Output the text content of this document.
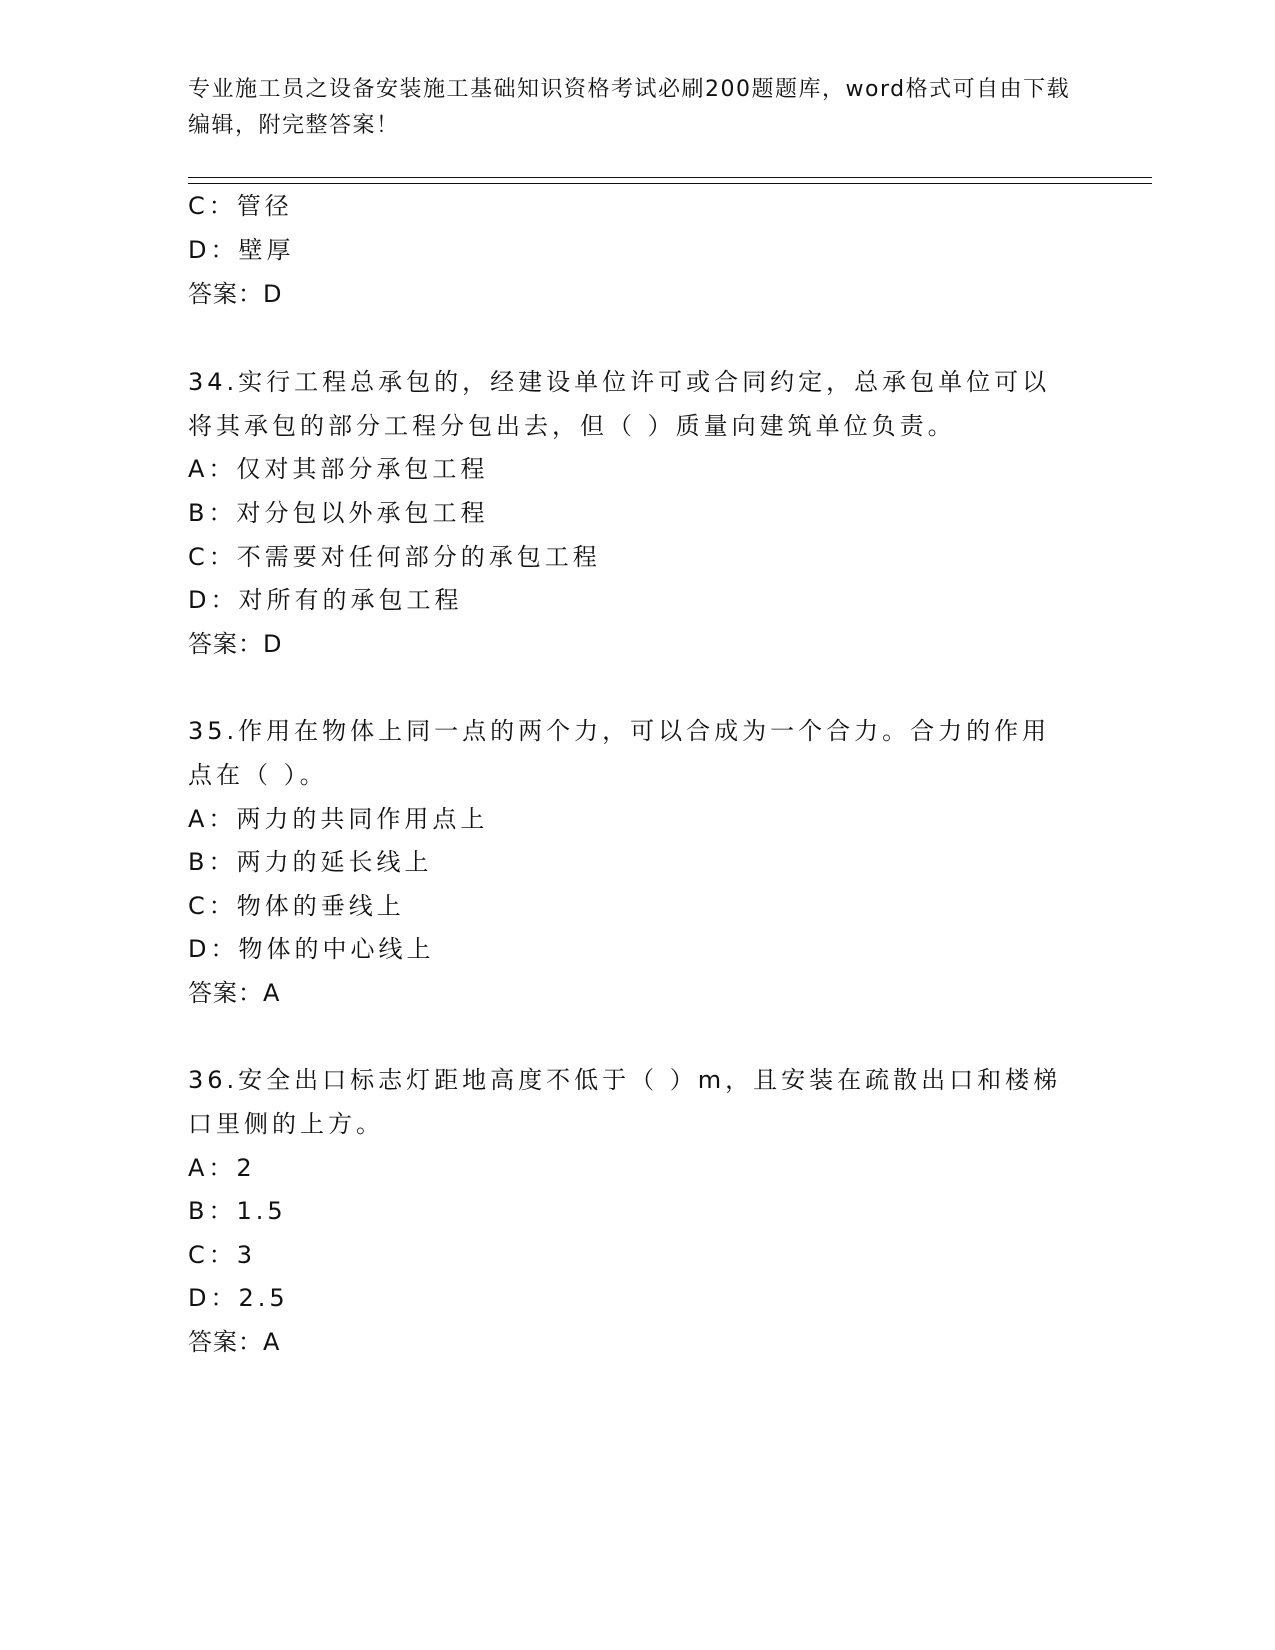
专业施工员之设备安装施工基础知识资格考试必刷200题题库，word格式可自由下载编辑，附完整答案！
C：管径
D：壁厚
答案：D
34.实行工程总承包的，经建设单位许可或合同约定，总承包单位可以
将其承包的部分工程分包出去，但（ ）质量向建筑单位负责。
A：仅对其部分承包工程
B：对分包以外承包工程
C：不需要对任何部分的承包工程
D：对所有的承包工程
答案：D
35.作用在物体上同一点的两个力，可以合成为一个合力。合力的作用
点在（ ）。
A：两力的共同作用点上
B：两力的延长线上
C：物体的垂线上
D：物体的中心线上
答案：A
36.安全出口标志灯距地高度不低于（ ）m，且安装在疏散出口和楼梯
口里侧的上方。
A：2
B：1.5
C：3
D：2.5
答案：A
